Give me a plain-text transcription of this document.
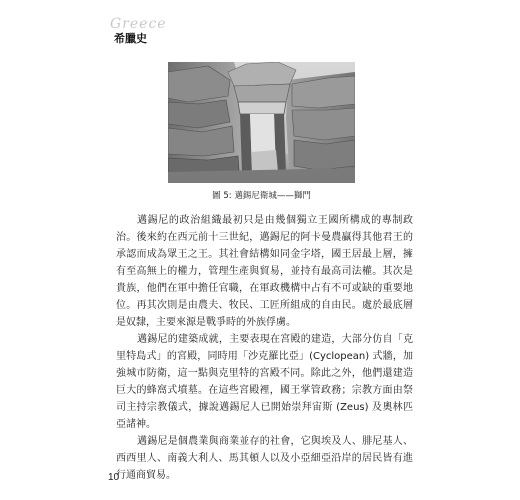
Greece
希臘史
圖 5: 邁錫尼衛城——獅門

邁錫尼的政治組織最初只是由幾個獨立王國所構成的專制政治。後來約在西元前十三世紀，邁錫尼的阿卡曼農贏得其他君王的承認而成為眾王之王。其社會結構如同金字塔，國王居最上層，擁有至高無上的權力，管理生產與貿易，並持有最高司法權。其次是貴族，他們在軍中擔任官職，在軍政機構中占有不可或缺的重要地位。再其次則是由農夫、牧民、工匠所組成的自由民。處於最底層是奴隸，主要來源是戰爭時的外族俘虜。

邁錫尼的建築成就，主要表現在宮殿的建造，大部分仿自「克里特島式」的宮殿，同時用「沙克羅比亞」(Cyclopean) 式牆，加強城市防衛，這一點與克里特的宮殿不同。除此之外，他們還建造巨大的蜂窩式墳墓。在這些宮殿裡，國王掌管政務；宗教方面由祭司主持宗教儀式，據說邁錫尼人已開始崇拜宙斯 (Zeus) 及奧林匹亞諸神。

邁錫尼是個農業與商業並存的社會，它與埃及人、腓尼基人、西西里人、南義大利人、馬其頓人以及小亞細亞沿岸的居民皆有進行通商貿易。

10
